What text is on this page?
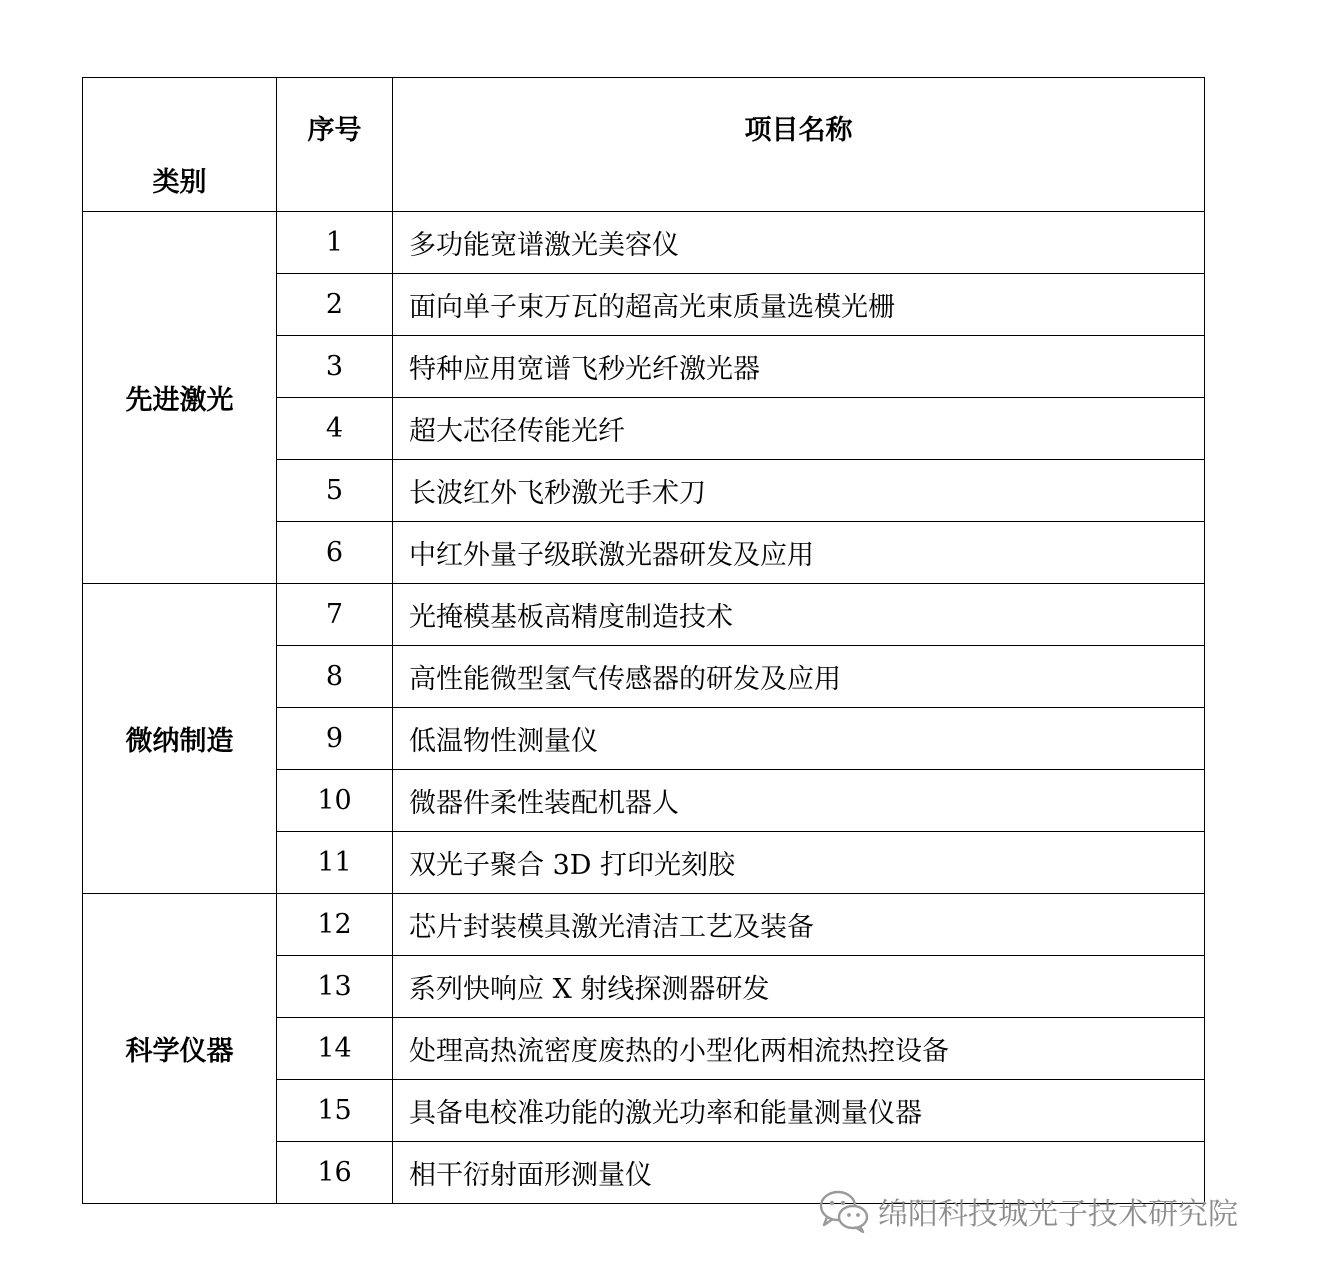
类别	序号	项目名称
先进激光	1	多功能宽谱激光美容仪
	2	面向单子束万瓦的超高光束质量选模光栅
	3	特种应用宽谱飞秒光纤激光器
	4	超大芯径传能光纤
	5	长波红外飞秒激光手术刀
	6	中红外量子级联激光器研发及应用
微纳制造	7	光掩模基板高精度制造技术
	8	高性能微型氢气传感器的研发及应用
	9	低温物性测量仪
	10	微器件柔性装配机器人
	11	双光子聚合 3D 打印光刻胶
科学仪器	12	芯片封装模具激光清洁工艺及装备
	13	系列快响应 X 射线探测器研发
	14	处理高热流密度废热的小型化两相流热控设备
	15	具备电校准功能的激光功率和能量测量仪器
	16	相干衍射面形测量仪
绵阳科技城光子技术研究院
